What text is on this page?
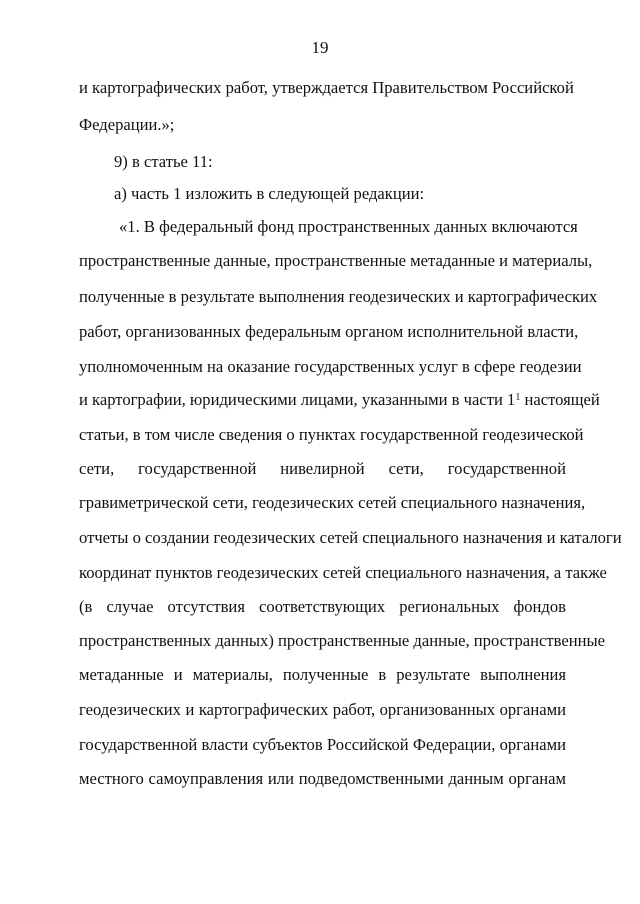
19
и картографических работ, утверждается Правительством Российской
Федерации.»;
9) в статье 11:
а) часть 1 изложить в следующей редакции:
«1. В федеральный фонд пространственных данных включаются
пространственные данные, пространственные метаданные и материалы,
полученные в результате выполнения геодезических и картографических
работ, организованных федеральным органом исполнительной власти,
уполномоченным на оказание государственных услуг в сфере геодезии
и картографии, юридическими лицами, указанными в части $1^1$ настоящей
статьи, в том числе сведения о пунктах государственной геодезической
сети, государственной нивелирной сети, государственной
гравиметрической сети, геодезических сетей специального назначения,
отчеты о создании геодезических сетей специального назначения и каталоги
координат пунктов геодезических сетей специального назначения, а также
(в случае отсутствия соответствующих региональных фондов
пространственных данных) пространственные данные, пространственные
метаданные и материалы, полученные в результате выполнения
геодезических и картографических работ, организованных органами
государственной власти субъектов Российской Федерации, органами
местного самоуправления или подведомственными данным органам
